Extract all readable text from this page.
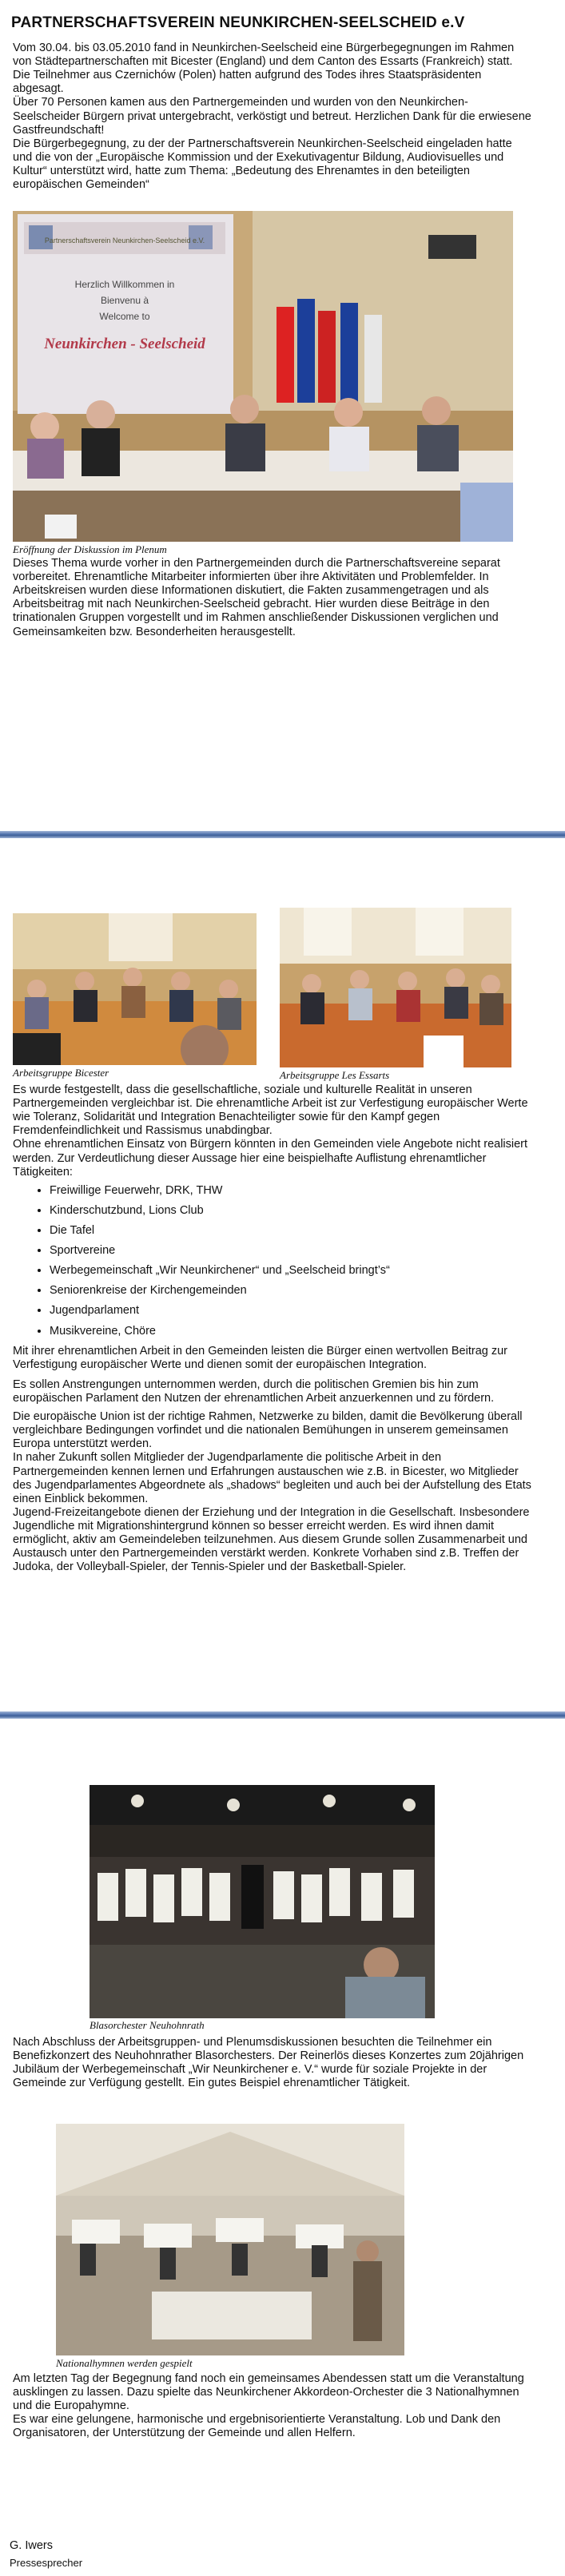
PARTNERSCHAFTSVEREIN NEUNKIRCHEN-SEELSCHEID e.V

Vom 30.04. bis 03.05.2010 fand in Neunkirchen-Seelscheid eine Bürgerbegegnungen im Rahmen von Städtepartnerschaften mit Bicester (England) und dem Canton des Essarts (Frankreich) statt. Die Teilnehmer aus Czernichów (Polen) hatten aufgrund des Todes ihres Staatspräsidenten abgesagt.

Über 70 Personen kamen aus den Partnergemeinden und wurden von den Neunkirchen-Seelscheider Bürgern privat untergebracht, verköstigt und betreut. Herzlichen Dank für die erwiesene Gastfreundschaft!

Die Bürgerbegegnung, zu der der Partnerschaftsverein Neunkirchen-Seelscheid eingeladen hatte und die von der „Europäische Kommission und der Exekutivagentur Bildung, Audiovisuelles und Kultur“ unterstützt wird, hatte zum Thema: „Bedeutung des Ehrenamtes in den beteiligten europäischen Gemeinden“

Partnerschaftsverein Neunkirchen-Seelscheid e.V.
Herzlich Willkommen in
Bienvenu à
Welcome to
Neunkirchen - Seelscheid
Eröffnung der Diskussion im Plenum
Dieses Thema wurde vorher in den Partnergemeinden durch die Partnerschaftsvereine separat vorbereitet. Ehrenamtliche Mitarbeiter informierten über ihre Aktivitäten und Problemfelder. In Arbeitskreisen wurden diese Informationen diskutiert, die Fakten zusammengetragen und als Arbeitsbeitrag mit nach Neunkirchen-Seelscheid gebracht. Hier wurden diese Beiträge in den trinationalen Gruppen vorgestellt und im Rahmen anschließender Diskussionen verglichen und Gemeinsamkeiten bzw. Besonderheiten herausgestellt.
Arbeitsgruppe Bicester	Arbeitsgruppe Les Essarts

Es wurde festgestellt, dass die gesellschaftliche, soziale und kulturelle Realität in unseren Partnergemeinden vergleichbar ist. Die ehrenamtliche Arbeit ist zur Verfestigung europäischer Werte wie Toleranz, Solidarität und Integration Benachteiligter sowie für den Kampf gegen Fremdenfeindlichkeit und Rassismus unabdingbar.

Ohne ehrenamtlichen Einsatz von Bürgern könnten in den Gemeinden viele Angebote nicht realisiert werden. Zur Verdeutlichung dieser Aussage hier eine beispielhafte Auflistung ehrenamtlicher Tätigkeiten:

• Freiwillige Feuerwehr, DRK, THW
• Kinderschutzbund, Lions Club
• Die Tafel
• Sportvereine
• Werbegemeinschaft „Wir Neunkirchener“ und „Seelscheid bringt’s“
• Seniorenkreise der Kirchengemeinden
• Jugendparlament
• Musikvereine, Chöre

Mit ihrer ehrenamtlichen Arbeit in den Gemeinden leisten die Bürger einen wertvollen Beitrag zur Verfestigung europäischer Werte und dienen somit der europäischen Integration.

Es sollen Anstrengungen unternommen werden, durch die politischen Gremien bis hin zum europäischen Parlament den Nutzen der ehrenamtlichen Arbeit anzuerkennen und zu fördern.

Die europäische Union ist der richtige Rahmen, Netzwerke zu bilden, damit die Bevölkerung überall vergleichbare Bedingungen vorfindet und die nationalen Bemühungen in unserem gemeinsamen Europa unterstützt werden.

In naher Zukunft sollen Mitglieder der Jugendparlamente die politische Arbeit in den Partnergemeinden kennen lernen und Erfahrungen austauschen wie z.B. in Bicester, wo Mitglieder des Jugendparlamentes Abgeordnete als „shadows“ begleiten und auch bei der Aufstellung des Etats einen Einblick bekommen.

Jugend-Freizeitangebote dienen der Erziehung und der Integration in die Gesellschaft. Insbesondere Jugendliche mit Migrationshintergrund können so besser erreicht werden. Es wird ihnen damit ermöglicht, aktiv am Gemeindeleben teilzunehmen. Aus diesem Grunde sollen Zusammenarbeit und Austausch unter den Partnergemeinden verstärkt werden. Konkrete Vorhaben sind z.B. Treffen der Judoka, der Volleyball-Spieler, der Tennis-Spieler und der Basketball-Spieler.

Blasorchester Neuhohnrath
Nach Abschluss der Arbeitsgruppen- und Plenumsdiskussionen besuchten die Teilnehmer ein Benefizkonzert des Neuhohnrather Blasorchesters. Der Reinerlös dieses Konzertes zum 20jährigen Jubiläum der Werbegemeinschaft „Wir Neunkirchener e. V.“ wurde für soziale Projekte in der Gemeinde zur Verfügung gestellt. Ein gutes Beispiel ehrenamtlicher Tätigkeit.
Nationalhymnen werden gespielt

Am letzten Tag der Begegnung fand noch ein gemeinsames Abendessen statt um die Veranstaltung ausklingen zu lassen. Dazu spielte das Neunkirchener Akkordeon-Orchester die 3 Nationalhymnen und die Europahymne.

Es war eine gelungene, harmonische und ergebnisorientierte Veranstaltung. Lob und Dank den Organisatoren, der Unterstützung der Gemeinde und allen Helfern.

G. Iwers
Pressesprecher
